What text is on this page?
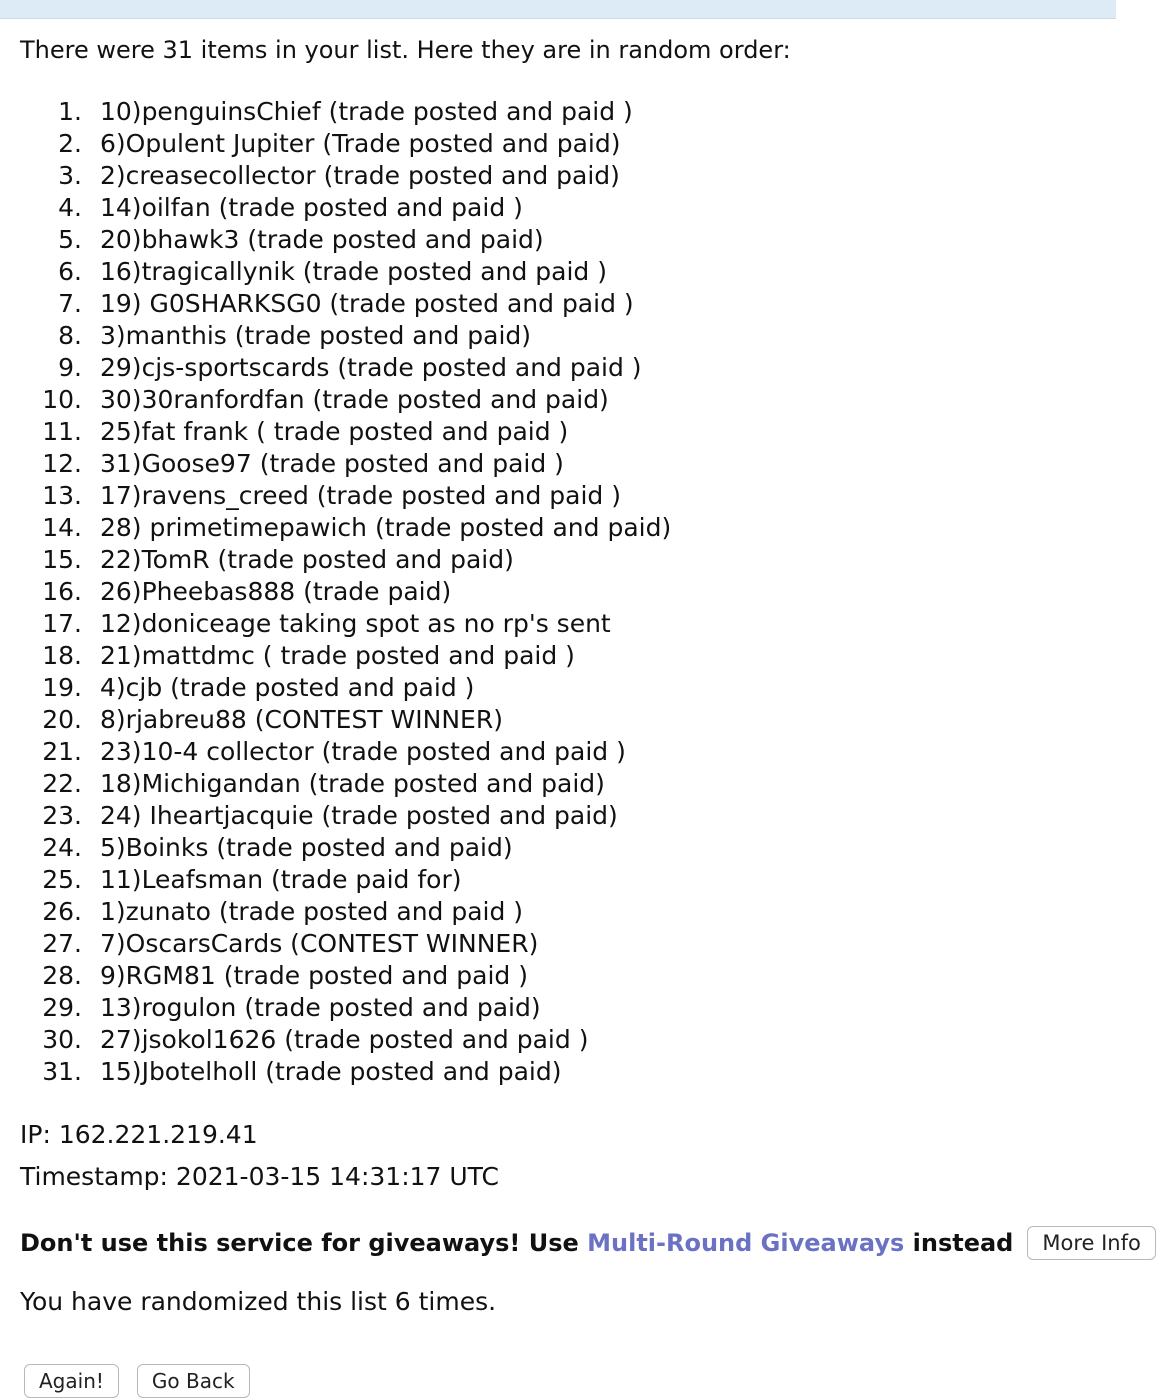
There were 31 items in your list. Here they are in random order:

1. 10)penguinsChief (trade posted and paid )
2. 6)Opulent Jupiter (Trade posted and paid)
3. 2)creasecollector (trade posted and paid)
4. 14)oilfan (trade posted and paid )
5. 20)bhawk3 (trade posted and paid)
6. 16)tragicallynik (trade posted and paid )
7. 19) G0SHARKSG0 (trade posted and paid )
8. 3)manthis (trade posted and paid)
9. 29)cjs-sportscards (trade posted and paid )
10. 30)30ranfordfan (trade posted and paid)
11. 25)fat frank ( trade posted and paid )
12. 31)Goose97 (trade posted and paid )
13. 17)ravens_creed (trade posted and paid )
14. 28) primetimepawich (trade posted and paid)
15. 22)TomR (trade posted and paid)
16. 26)Pheebas888 (trade paid)
17. 12)doniceage taking spot as no rp's sent
18. 21)mattdmc ( trade posted and paid )
19. 4)cjb (trade posted and paid )
20. 8)rjabreu88 (CONTEST WINNER)
21. 23)10-4 collector (trade posted and paid )
22. 18)Michigandan (trade posted and paid)
23. 24) Iheartjacquie (trade posted and paid)
24. 5)Boinks (trade posted and paid)
25. 11)Leafsman (trade paid for)
26. 1)zunato (trade posted and paid )
27. 7)OscarsCards (CONTEST WINNER)
28. 9)RGM81 (trade posted and paid )
29. 13)rogulon (trade posted and paid)
30. 27)jsokol1626 (trade posted and paid )
31. 15)Jbotelholl (trade posted and paid)

IP: 162.221.219.41

Timestamp: 2021-03-15 14:31:17 UTC

Don't use this service for giveaways! Use Multi-Round Giveaways instead	More Info

You have randomized this list 6 times.

Again!	Go Back
